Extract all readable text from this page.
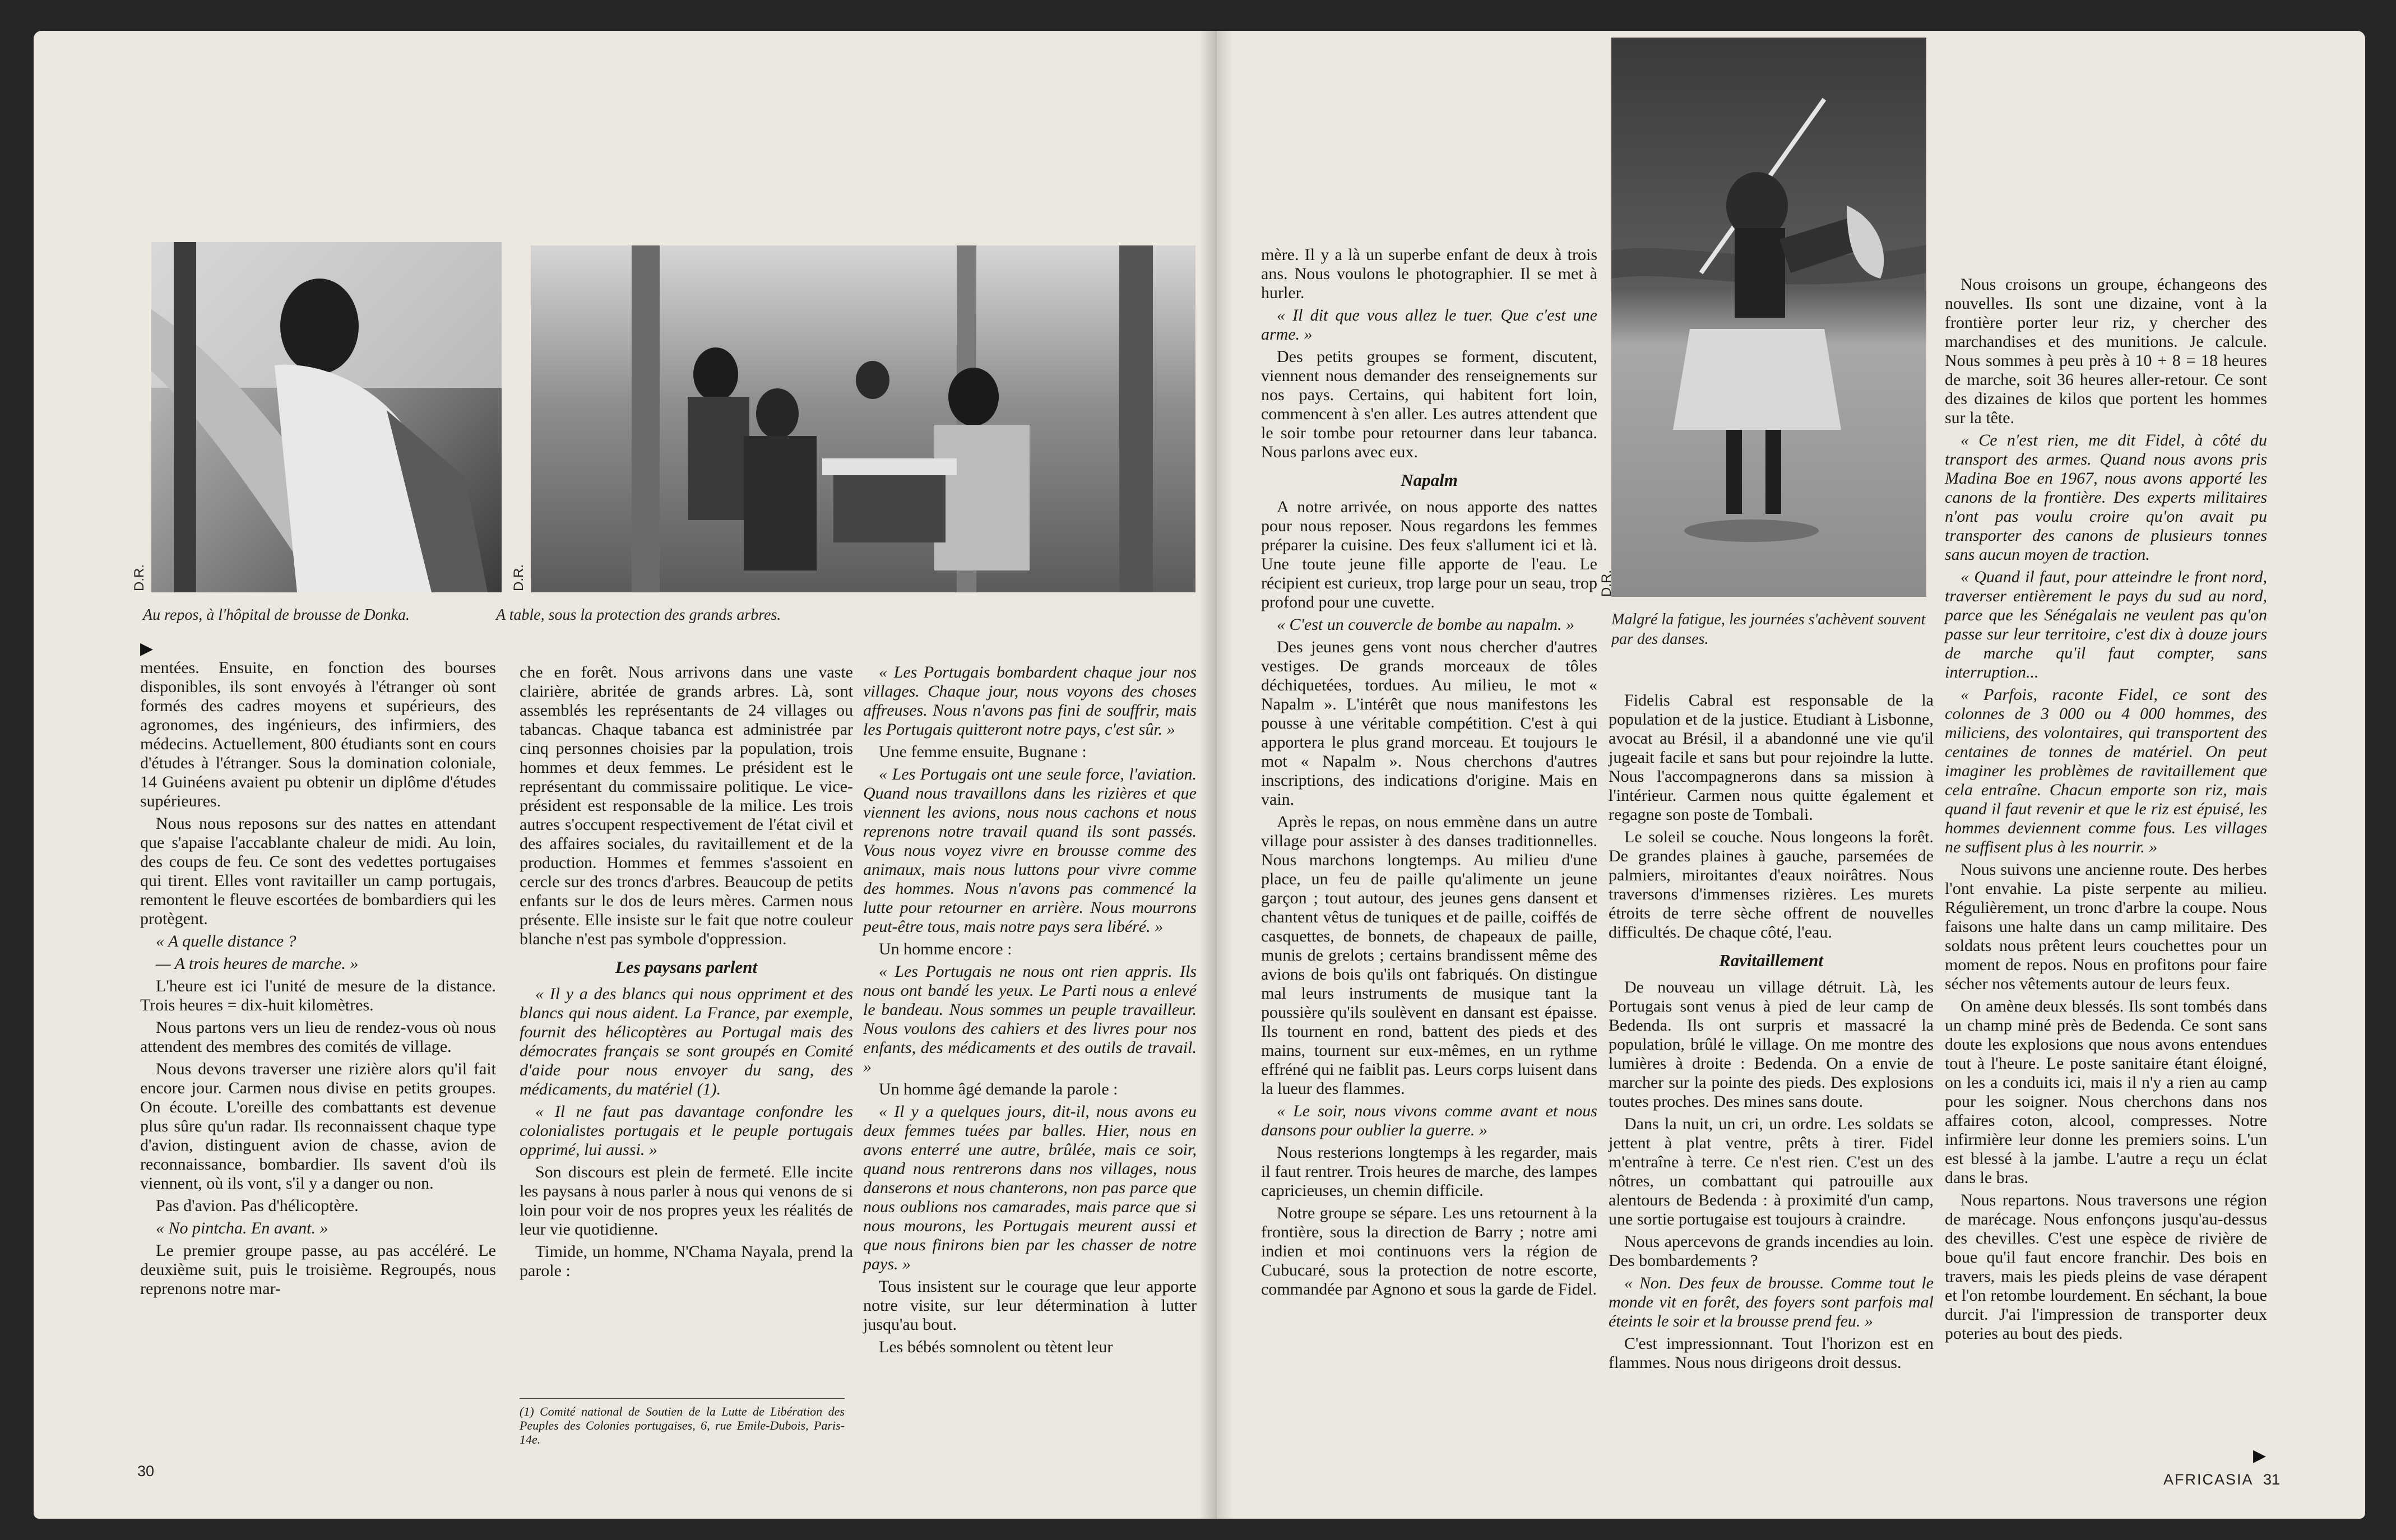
D.R.	D.R.
Au repos, à l'hôpital de brousse de Donka.	A table, sous la protection des grands arbres.
▶

mentées. Ensuite, en fonction des bourses disponibles, ils sont envoyés à l'étranger où sont formés des cadres moyens et supérieurs, des agronomes, des ingénieurs, des infirmiers, des médecins. Actuellement, 800 étudiants sont en cours d'études à l'étranger. Sous la domination coloniale, 14 Guinéens avaient pu obtenir un diplôme d'études supérieures.

Nous nous reposons sur des nattes en attendant que s'apaise l'accablante chaleur de midi. Au loin, des coups de feu. Ce sont des vedettes portugaises qui tirent. Elles vont ravitailler un camp portugais, remontent le fleuve escortées de bombardiers qui les protègent.

« A quelle distance ?

— A trois heures de marche. »

L'heure est ici l'unité de mesure de la distance. Trois heures = dix-huit kilomètres.

Nous partons vers un lieu de rendez-vous où nous attendent des membres des comités de village.

Nous devons traverser une rizière alors qu'il fait encore jour. Carmen nous divise en petits groupes. On écoute. L'oreille des combattants est devenue plus sûre qu'un radar. Ils reconnaissent chaque type d'avion, distinguent avion de chasse, avion de reconnaissance, bombardier. Ils savent d'où ils viennent, où ils vont, s'il y a danger ou non.

Pas d'avion. Pas d'hélicoptère.

« No pintcha. En avant. »

Le premier groupe passe, au pas accéléré. Le deuxième suit, puis le troisième. Regroupés, nous reprenons notre mar-

che en forêt. Nous arrivons dans une vaste clairière, abritée de grands arbres. Là, sont assemblés les représentants de 24 villages ou tabancas. Chaque tabanca est administrée par cinq personnes choisies par la population, trois hommes et deux femmes. Le président est le représentant du commissaire politique. Le vice-président est responsable de la milice. Les trois autres s'occupent respectivement de l'état civil et des affaires sociales, du ravitaillement et de la production. Hommes et femmes s'assoient en cercle sur des troncs d'arbres. Beaucoup de petits enfants sur le dos de leurs mères. Carmen nous présente. Elle insiste sur le fait que notre couleur blanche n'est pas symbole d'oppression.

Les paysans parlent

« Il y a des blancs qui nous oppriment et des blancs qui nous aident. La France, par exemple, fournit des hélicoptères au Portugal mais des démocrates français se sont groupés en Comité d'aide pour nous envoyer du sang, des médicaments, du matériel (1).

« Il ne faut pas davantage confondre les colonialistes portugais et le peuple portugais opprimé, lui aussi. »

Son discours est plein de fermeté. Elle incite les paysans à nous parler à nous qui venons de si loin pour voir de nos propres yeux les réalités de leur vie quotidienne.

Timide, un homme, N'Chama Nayala, prend la parole :

(1) Comité national de Soutien de la Lutte de Libération des Peuples des Colonies portugaises, 6, rue Emile-Dubois, Paris-14e.

« Les Portugais bombardent chaque jour nos villages. Chaque jour, nous voyons des choses affreuses. Nous n'avons pas fini de souffrir, mais les Portugais quitteront notre pays, c'est sûr. »

Une femme ensuite, Bugnane :

« Les Portugais ont une seule force, l'aviation. Quand nous travaillons dans les rizières et que viennent les avions, nous nous cachons et nous reprenons notre travail quand ils sont passés. Vous nous voyez vivre en brousse comme des animaux, mais nous luttons pour vivre comme des hommes. Nous n'avons pas commencé la lutte pour retourner en arrière. Nous mourrons peut-être tous, mais notre pays sera libéré. »

Un homme encore :

« Les Portugais ne nous ont rien appris. Ils nous ont bandé les yeux. Le Parti nous a enlevé le bandeau. Nous sommes un peuple travailleur. Nous voulons des cahiers et des livres pour nos enfants, des médicaments et des outils de travail. »

Un homme âgé demande la parole :

« Il y a quelques jours, dit-il, nous avons eu deux femmes tuées par balles. Hier, nous en avons enterré une autre, brûlée, mais ce soir, quand nous rentrerons dans nos villages, nous danserons et nous chanterons, non pas parce que nous oublions nos camarades, mais parce que si nous mourons, les Portugais meurent aussi et que nous finirons bien par les chasser de notre pays. »

Tous insistent sur le courage que leur apporte notre visite, sur leur détermination à lutter jusqu'au bout.

Les bébés somnolent ou tètent leur

30

mère. Il y a là un superbe enfant de deux à trois ans. Nous voulons le photographier. Il se met à hurler.

« Il dit que vous allez le tuer. Que c'est une arme. »

Des petits groupes se forment, discutent, viennent nous demander des renseignements sur nos pays. Certains, qui habitent fort loin, commencent à s'en aller. Les autres attendent que le soir tombe pour retourner dans leur tabanca. Nous parlons avec eux.

Napalm

A notre arrivée, on nous apporte des nattes pour nous reposer. Nous regardons les femmes préparer la cuisine. Des feux s'allument ici et là. Une toute jeune fille apporte de l'eau. Le récipient est curieux, trop large pour un seau, trop profond pour une cuvette.

« C'est un couvercle de bombe au napalm. »

Des jeunes gens vont nous chercher d'autres vestiges. De grands morceaux de tôles déchiquetées, tordues. Au milieu, le mot « Napalm ». L'intérêt que nous manifestons les pousse à une véritable compétition. C'est à qui apportera le plus grand morceau. Et toujours le mot « Napalm ». Nous cherchons d'autres inscriptions, des indications d'origine. Mais en vain.

Après le repas, on nous emmène dans un autre village pour assister à des danses traditionnelles. Nous marchons longtemps. Au milieu d'une place, un feu de paille qu'alimente un jeune garçon ; tout autour, des jeunes gens dansent et chantent vêtus de tuniques et de paille, coiffés de casquettes, de bonnets, de chapeaux de paille, munis de grelots ; certains brandissent même des avions de bois qu'ils ont fabriqués. On distingue mal leurs instruments de musique tant la poussière qu'ils soulèvent en dansant est épaisse. Ils tournent en rond, battent des pieds et des mains, tournent sur eux-mêmes, en un rythme effréné qui ne faiblit pas. Leurs corps luisent dans la lueur des flammes.

« Le soir, nous vivons comme avant et nous dansons pour oublier la guerre. »

Nous resterions longtemps à les regarder, mais il faut rentrer. Trois heures de marche, des lampes capricieuses, un chemin difficile.

Notre groupe se sépare. Les uns retournent à la frontière, sous la direction de Barry ; notre ami indien et moi continuons vers la région de Cubucaré, sous la protection de notre escorte, commandée par Agnono et sous la garde de Fidel.

D.R.
Malgré la fatigue, les journées s'achèvent souvent par des danses.

Fidelis Cabral est responsable de la population et de la justice. Etudiant à Lisbonne, avocat au Brésil, il a abandonné une vie qu'il jugeait facile et sans but pour rejoindre la lutte. Nous l'accompagnerons dans sa mission à l'intérieur. Carmen nous quitte également et regagne son poste de Tombali.

Le soleil se couche. Nous longeons la forêt. De grandes plaines à gauche, parsemées de palmiers, miroitantes d'eaux noirâtres. Nous traversons d'immenses rizières. Les murets étroits de terre sèche offrent de nouvelles difficultés. De chaque côté, l'eau.

Ravitaillement

De nouveau un village détruit. Là, les Portugais sont venus à pied de leur camp de Bedenda. Ils ont surpris et massacré la population, brûlé le village. On me montre des lumières à droite : Bedenda. On a envie de marcher sur la pointe des pieds. Des explosions toutes proches. Des mines sans doute.

Dans la nuit, un cri, un ordre. Les soldats se jettent à plat ventre, prêts à tirer. Fidel m'entraîne à terre. Ce n'est rien. C'est un des nôtres, un combattant qui patrouille aux alentours de Bedenda : à proximité d'un camp, une sortie portugaise est toujours à craindre.

Nous apercevons de grands incendies au loin. Des bombardements ?

« Non. Des feux de brousse. Comme tout le monde vit en forêt, des foyers sont parfois mal éteints le soir et la brousse prend feu. »

C'est impressionnant. Tout l'horizon est en flammes. Nous nous dirigeons droit dessus.

Nous croisons un groupe, échangeons des nouvelles. Ils sont une dizaine, vont à la frontière porter leur riz, y chercher des marchandises et des munitions. Je calcule. Nous sommes à peu près à 10 + 8 = 18 heures de marche, soit 36 heures aller-retour. Ce sont des dizaines de kilos que portent les hommes sur la tête.

« Ce n'est rien, me dit Fidel, à côté du transport des armes. Quand nous avons pris Madina Boe en 1967, nous avons apporté les canons de la frontière. Des experts militaires n'ont pas voulu croire qu'on avait pu transporter des canons de plusieurs tonnes sans aucun moyen de traction.

« Quand il faut, pour atteindre le front nord, traverser entièrement le pays du sud au nord, parce que les Sénégalais ne veulent pas qu'on passe sur leur territoire, c'est dix à douze jours de marche qu'il faut compter, sans interruption...

« Parfois, raconte Fidel, ce sont des colonnes de 3 000 ou 4 000 hommes, des miliciens, des volontaires, qui transportent des centaines de tonnes de matériel. On peut imaginer les problèmes de ravitaillement que cela entraîne. Chacun emporte son riz, mais quand il faut revenir et que le riz est épuisé, les hommes deviennent comme fous. Les villages ne suffisent plus à les nourrir. »

Nous suivons une ancienne route. Des herbes l'ont envahie. La piste serpente au milieu. Régulièrement, un tronc d'arbre la coupe. Nous faisons une halte dans un camp militaire. Des soldats nous prêtent leurs couchettes pour un moment de repos. Nous en profitons pour faire sécher nos vêtements autour de leurs feux.

On amène deux blessés. Ils sont tombés dans un champ miné près de Bedenda. Ce sont sans doute les explosions que nous avons entendues tout à l'heure. Le poste sanitaire étant éloigné, on les a conduits ici, mais il n'y a rien au camp pour les soigner. Nous cherchons dans nos affaires coton, alcool, compresses. Notre infirmière leur donne les premiers soins. L'un est blessé à la jambe. L'autre a reçu un éclat dans le bras.

Nous repartons. Nous traversons une région de marécage. Nous enfonçons jusqu'au-dessus des chevilles. C'est une espèce de rivière de boue qu'il faut encore franchir. Des bois en travers, mais les pieds pleins de vase dérapent et l'on retombe lourdement. En séchant, la boue durcit. J'ai l'impression de transporter deux poteries au bout des pieds.

▶
AFRICASIA 31
